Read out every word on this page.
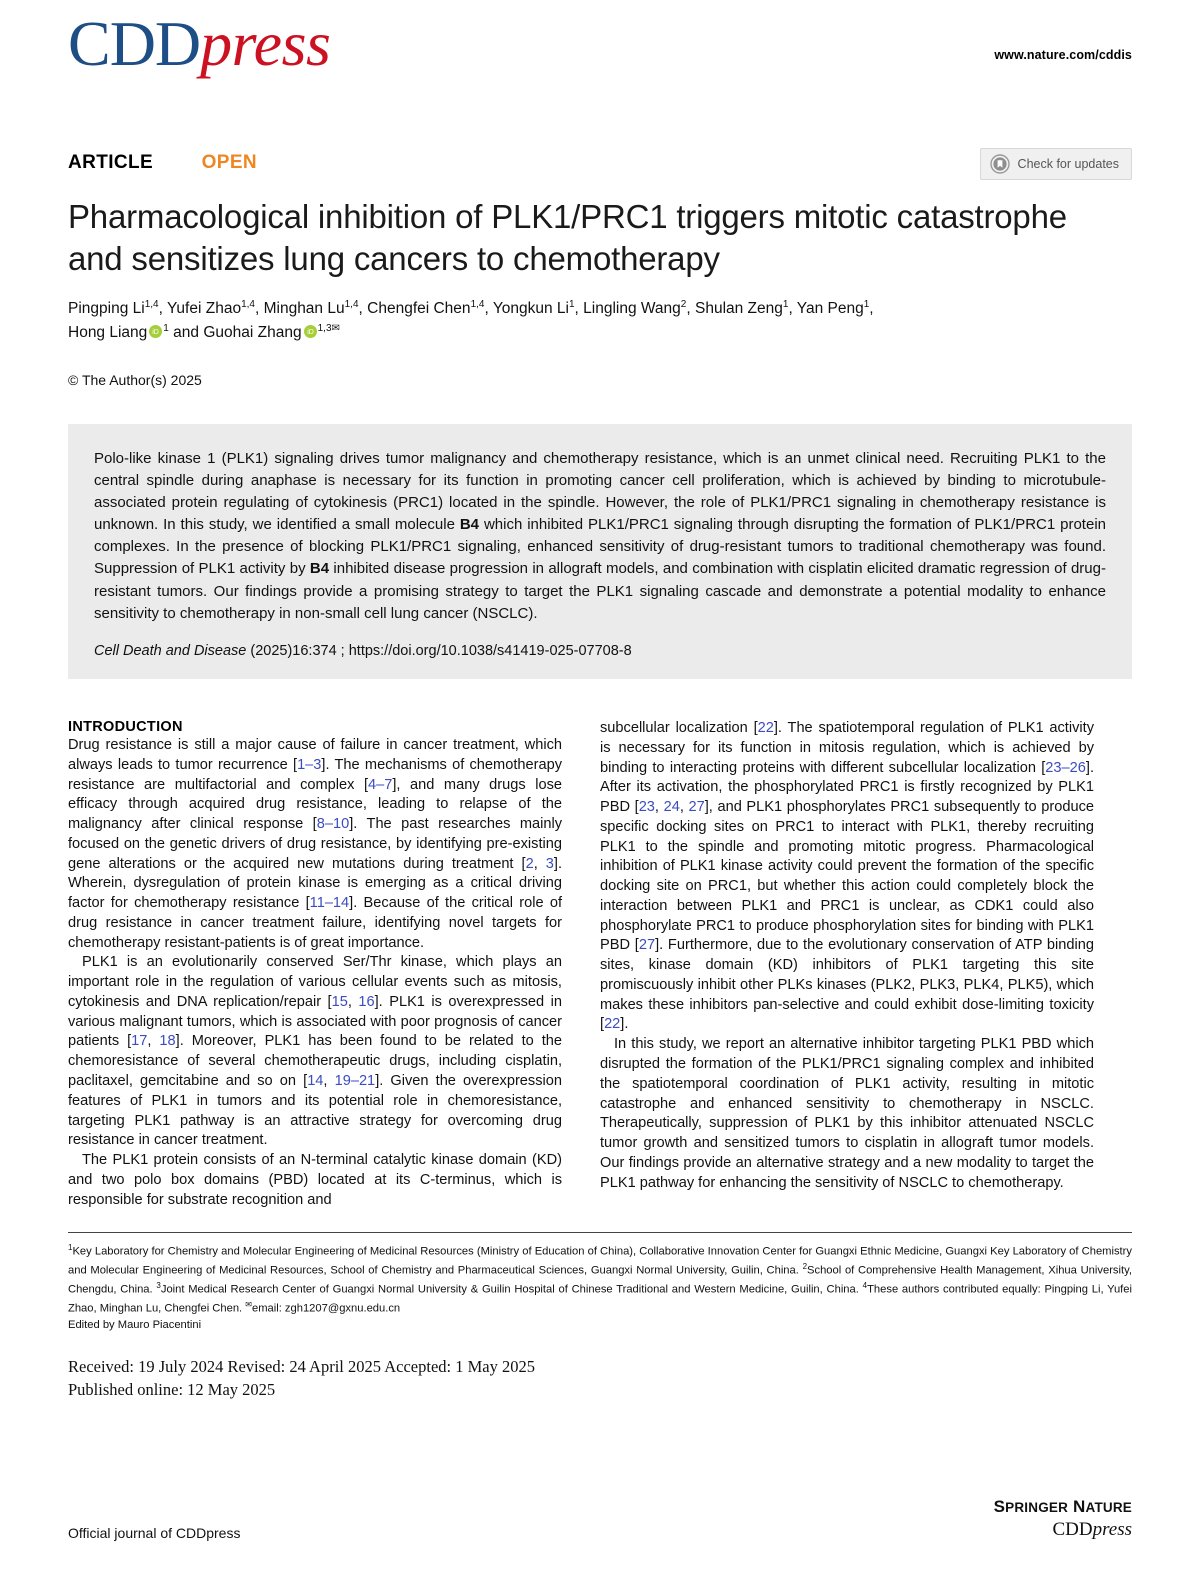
CDDpress	www.nature.com/cddis
ARTICLE	OPEN	Check for updates
Pharmacological inhibition of PLK1/PRC1 triggers mitotic catastrophe and sensitizes lung cancers to chemotherapy
Pingping Li$^{1,4}$, Yufei Zhao$^{1,4}$, Minghan Lu$^{1,4}$, Chengfei Chen$^{1,4}$, Yongkun Li$^1$, Lingling Wang$^2$, Shulan Zeng$^1$, Yan Peng$^1$,
Hong Liang iD $^1$ and Guohai Zhang iD $^{1,3✉}$
© The Author(s) 2025

Polo-like kinase 1 (PLK1) signaling drives tumor malignancy and chemotherapy resistance, which is an unmet clinical need. Recruiting PLK1 to the central spindle during anaphase is necessary for its function in promoting cancer cell proliferation, which is achieved by binding to microtubule-associated protein regulating of cytokinesis (PRC1) located in the spindle. However, the role of PLK1/PRC1 signaling in chemotherapy resistance is unknown. In this study, we identified a small molecule B4 which inhibited PLK1/PRC1 signaling through disrupting the formation of PLK1/PRC1 protein complexes. In the presence of blocking PLK1/PRC1 signaling, enhanced sensitivity of drug-resistant tumors to traditional chemotherapy was found. Suppression of PLK1 activity by B4 inhibited disease progression in allograft models, and combination with cisplatin elicited dramatic regression of drug-resistant tumors. Our findings provide a promising strategy to target the PLK1 signaling cascade and demonstrate a potential modality to enhance sensitivity to chemotherapy in non-small cell lung cancer (NSCLC).

Cell Death and Disease (2025)16:374 ; https://doi.org/10.1038/s41419-025-07708-8
INTRODUCTION

Drug resistance is still a major cause of failure in cancer treatment, which always leads to tumor recurrence [1–3]. The mechanisms of chemotherapy resistance are multifactorial and complex [4–7], and many drugs lose efficacy through acquired drug resistance, leading to relapse of the malignancy after clinical response [8–10]. The past researches mainly focused on the genetic drivers of drug resistance, by identifying pre-existing gene alterations or the acquired new mutations during treatment [2, 3]. Wherein, dysregulation of protein kinase is emerging as a critical driving factor for chemotherapy resistance [11–14]. Because of the critical role of drug resistance in cancer treatment failure, identifying novel targets for chemotherapy resistant-patients is of great importance.

PLK1 is an evolutionarily conserved Ser/Thr kinase, which plays an important role in the regulation of various cellular events such as mitosis, cytokinesis and DNA replication/repair [15, 16]. PLK1 is overexpressed in various malignant tumors, which is associated with poor prognosis of cancer patients [17, 18]. Moreover, PLK1 has been found to be related to the chemoresistance of several chemotherapeutic drugs, including cisplatin, paclitaxel, gemcitabine and so on [14, 19–21]. Given the overexpression features of PLK1 in tumors and its potential role in chemoresistance, targeting PLK1 pathway is an attractive strategy for overcoming drug resistance in cancer treatment.

The PLK1 protein consists of an N-terminal catalytic kinase domain (KD) and two polo box domains (PBD) located at its C-terminus, which is responsible for substrate recognition and

subcellular localization [22]. The spatiotemporal regulation of PLK1 activity is necessary for its function in mitosis regulation, which is achieved by binding to interacting proteins with different subcellular localization [23–26]. After its activation, the phosphorylated PRC1 is firstly recognized by PLK1 PBD [23, 24, 27], and PLK1 phosphorylates PRC1 subsequently to produce specific docking sites on PRC1 to interact with PLK1, thereby recruiting PLK1 to the spindle and promoting mitotic progress. Pharmacological inhibition of PLK1 kinase activity could prevent the formation of the specific docking site on PRC1, but whether this action could completely block the interaction between PLK1 and PRC1 is unclear, as CDK1 could also phosphorylate PRC1 to produce phosphorylation sites for binding with PLK1 PBD [27]. Furthermore, due to the evolutionary conservation of ATP binding sites, kinase domain (KD) inhibitors of PLK1 targeting this site promiscuously inhibit other PLKs kinases (PLK2, PLK3, PLK4, PLK5), which makes these inhibitors pan-selective and could exhibit dose-limiting toxicity [22].

In this study, we report an alternative inhibitor targeting PLK1 PBD which disrupted the formation of the PLK1/PRC1 signaling complex and inhibited the spatiotemporal coordination of PLK1 activity, resulting in mitotic catastrophe and enhanced sensitivity to chemotherapy in NSCLC. Therapeutically, suppression of PLK1 by this inhibitor attenuated NSCLC tumor growth and sensitized tumors to cisplatin in allograft tumor models. Our findings provide an alternative strategy and a new modality to target the PLK1 pathway for enhancing the sensitivity of NSCLC to chemotherapy.

$^1$Key Laboratory for Chemistry and Molecular Engineering of Medicinal Resources (Ministry of Education of China), Collaborative Innovation Center for Guangxi Ethnic Medicine, Guangxi Key Laboratory of Chemistry and Molecular Engineering of Medicinal Resources, School of Chemistry and Pharmaceutical Sciences, Guangxi Normal University, Guilin, China. $^2$School of Comprehensive Health Management, Xihua University, Chengdu, China. $^3$Joint Medical Research Center of Guangxi Normal University & Guilin Hospital of Chinese Traditional and Western Medicine, Guilin, China. $^4$These authors contributed equally: Pingping Li, Yufei Zhao, Minghan Lu, Chengfei Chen. ✉email: zgh1207@gxnu.edu.cn

Edited by Mauro Piacentini

Received: 19 July 2024 Revised: 24 April 2025 Accepted: 1 May 2025
Published online: 12 May 2025
Official journal of CDDpress
SPRINGER NATURE
CDDpress
